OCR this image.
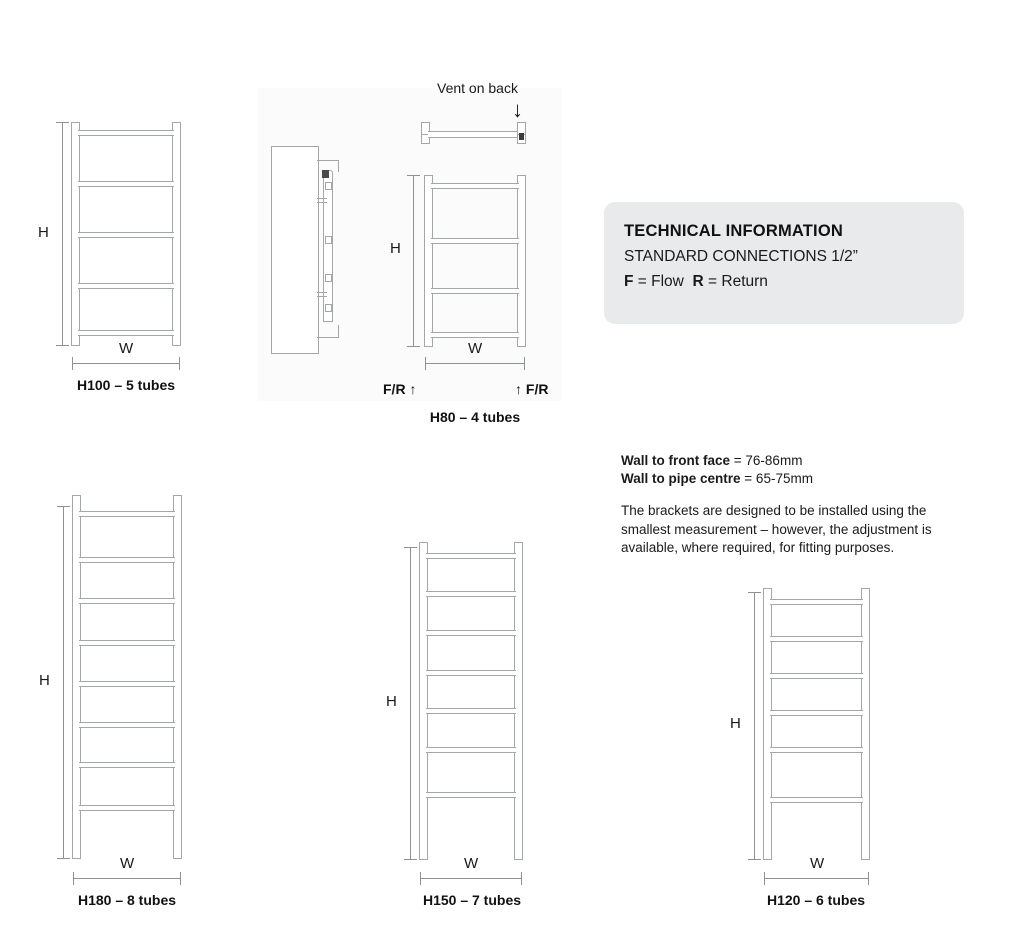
H
W
H100 – 5 tubes
Vent on back
↓
H
W
F/R ↑	↑ F/R
H80 – 4 tubes
TECHNICAL INFORMATION
STANDARD CONNECTIONS 1/2”
F = Flow R = Return
Wall to front face = 76-86mm
Wall to pipe centre = 65-75mm
The brackets are designed to be installed using the smallest measurement – however, the adjustment is available, where required, for fitting purposes.
H
W
H180 – 8 tubes
H
W
H150 – 7 tubes
H
W
H120 – 6 tubes
